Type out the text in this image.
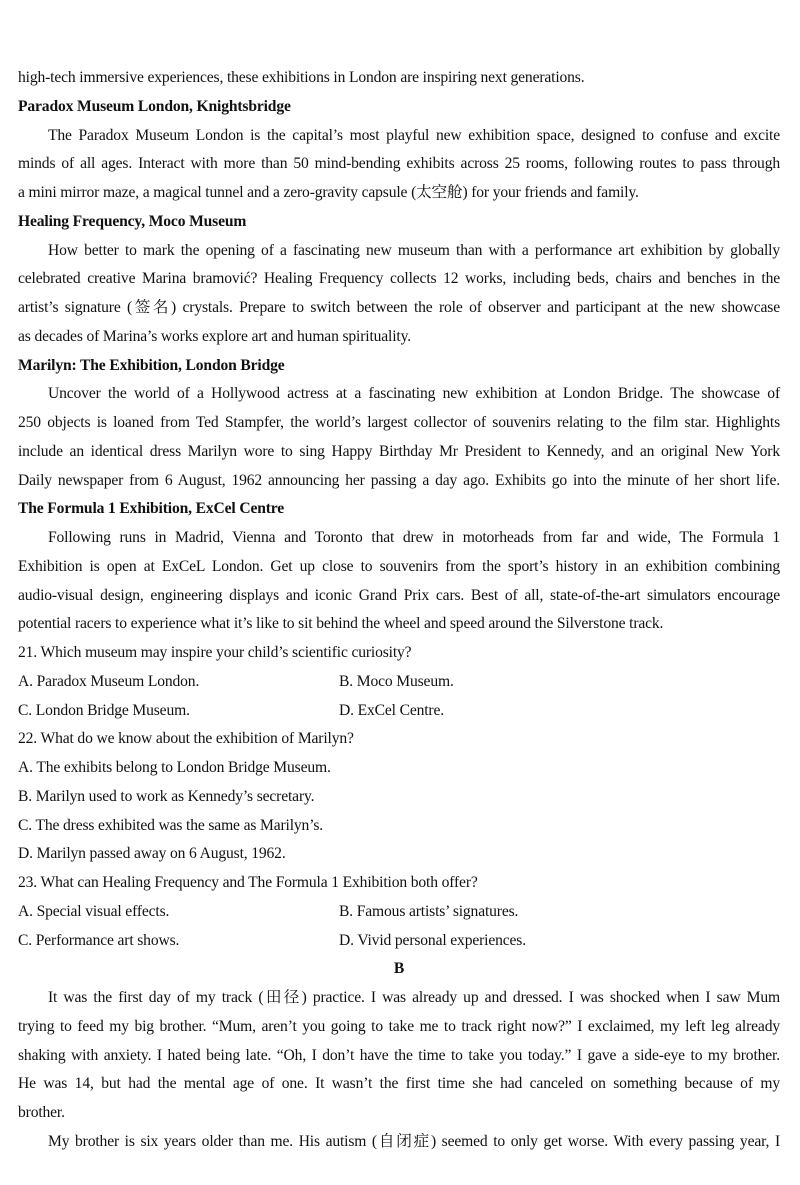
high-tech immersive experiences, these exhibitions in London are inspiring next generations.
Paradox Museum London, Knightsbridge
The Paradox Museum London is the capital’s most playful new exhibition space, designed to confuse and excite
minds of all ages. Interact with more than 50 mind-bending exhibits across 25 rooms, following routes to pass through
a mini mirror maze, a magical tunnel and a zero-gravity capsule (太空舱) for your friends and family.
Healing Frequency, Moco Museum
How better to mark the opening of a fascinating new museum than with a performance art exhibition by globally
celebrated creative Marina bramović? Healing Frequency collects 12 works, including beds, chairs and benches in the
artist’s signature (签名) crystals. Prepare to switch between the role of observer and participant at the new showcase
as decades of Marina’s works explore art and human spirituality.
Marilyn: The Exhibition, London Bridge
Uncover the world of a Hollywood actress at a fascinating new exhibition at London Bridge. The showcase of
250 objects is loaned from Ted Stampfer, the world’s largest collector of souvenirs relating to the film star. Highlights
include an identical dress Marilyn wore to sing Happy Birthday Mr President to Kennedy, and an original New York
Daily newspaper from 6 August, 1962 announcing her passing a day ago. Exhibits go into the minute of her short life.
The Formula 1 Exhibition, ExCel Centre
Following runs in Madrid, Vienna and Toronto that drew in motorheads from far and wide, The Formula 1
Exhibition is open at ExCeL London. Get up close to souvenirs from the sport’s history in an exhibition combining
audio-visual design, engineering displays and iconic Grand Prix cars. Best of all, state-of-the-art simulators encourage
potential racers to experience what it’s like to sit behind the wheel and speed around the Silverstone track.
21. Which museum may inspire your child’s scientific curiosity?
A. Paradox Museum London.	B. Moco Museum.
C. London Bridge Museum.	D. ExCel Centre.
22. What do we know about the exhibition of Marilyn?
A. The exhibits belong to London Bridge Museum.
B. Marilyn used to work as Kennedy’s secretary.
C. The dress exhibited was the same as Marilyn’s.
D. Marilyn passed away on 6 August, 1962.
23. What can Healing Frequency and The Formula 1 Exhibition both offer?
A. Special visual effects.	B. Famous artists’ signatures.
C. Performance art shows.	D. Vivid personal experiences.
B
It was the first day of my track (田径) practice. I was already up and dressed. I was shocked when I saw Mum
trying to feed my big brother. “Mum, aren’t you going to take me to track right now?” I exclaimed, my left leg already
shaking with anxiety. I hated being late. “Oh, I don’t have the time to take you today.” I gave a side-eye to my brother.
He was 14, but had the mental age of one. It wasn’t the first time she had canceled on something because of my
brother.
My brother is six years older than me. His autism (自闭症) seemed to only get worse. With every passing year, I
